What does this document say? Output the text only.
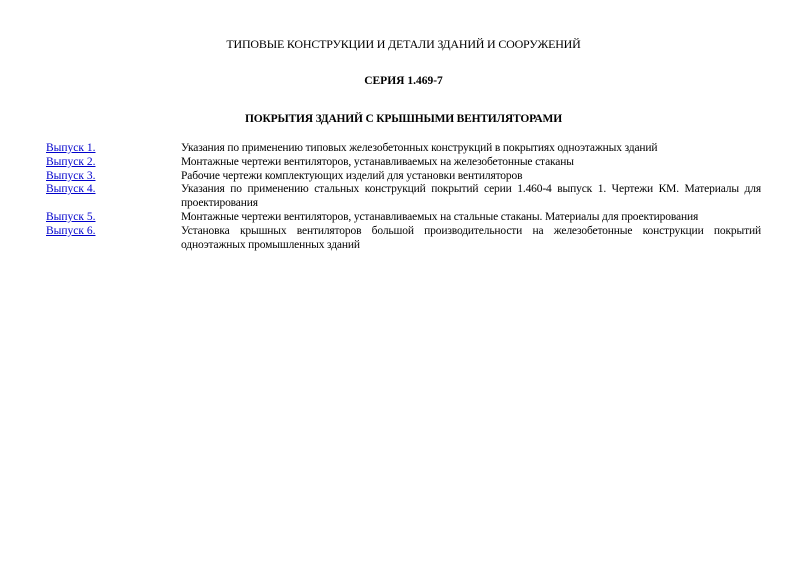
ТИПОВЫЕ КОНСТРУКЦИИ И ДЕТАЛИ ЗДАНИЙ И СООРУЖЕНИЙ
СЕРИЯ 1.469-7
ПОКРЫТИЯ ЗДАНИЙ С КРЫШНЫМИ ВЕНТИЛЯТОРАМИ
Выпуск 1.	Указания по применению типовых железобетонных конструкций в покрытиях одноэтажных зданий
Выпуск 2.	Монтажные чертежи вентиляторов, устанавливаемых на железобетонные стаканы
Выпуск 3.	Рабочие чертежи комплектующих изделий для установки вентиляторов
Выпуск 4.	Указания по применению стальных конструкций покрытий серии 1.460-4 выпуск 1. Чертежи КМ. Материалы для проектирования
Выпуск 5.	Монтажные чертежи вентиляторов, устанавливаемых на стальные стаканы. Материалы для проектирования
Выпуск 6.	Установка крышных вентиляторов большой производительности на железобетонные конструкции покрытий одноэтажных промышленных зданий
